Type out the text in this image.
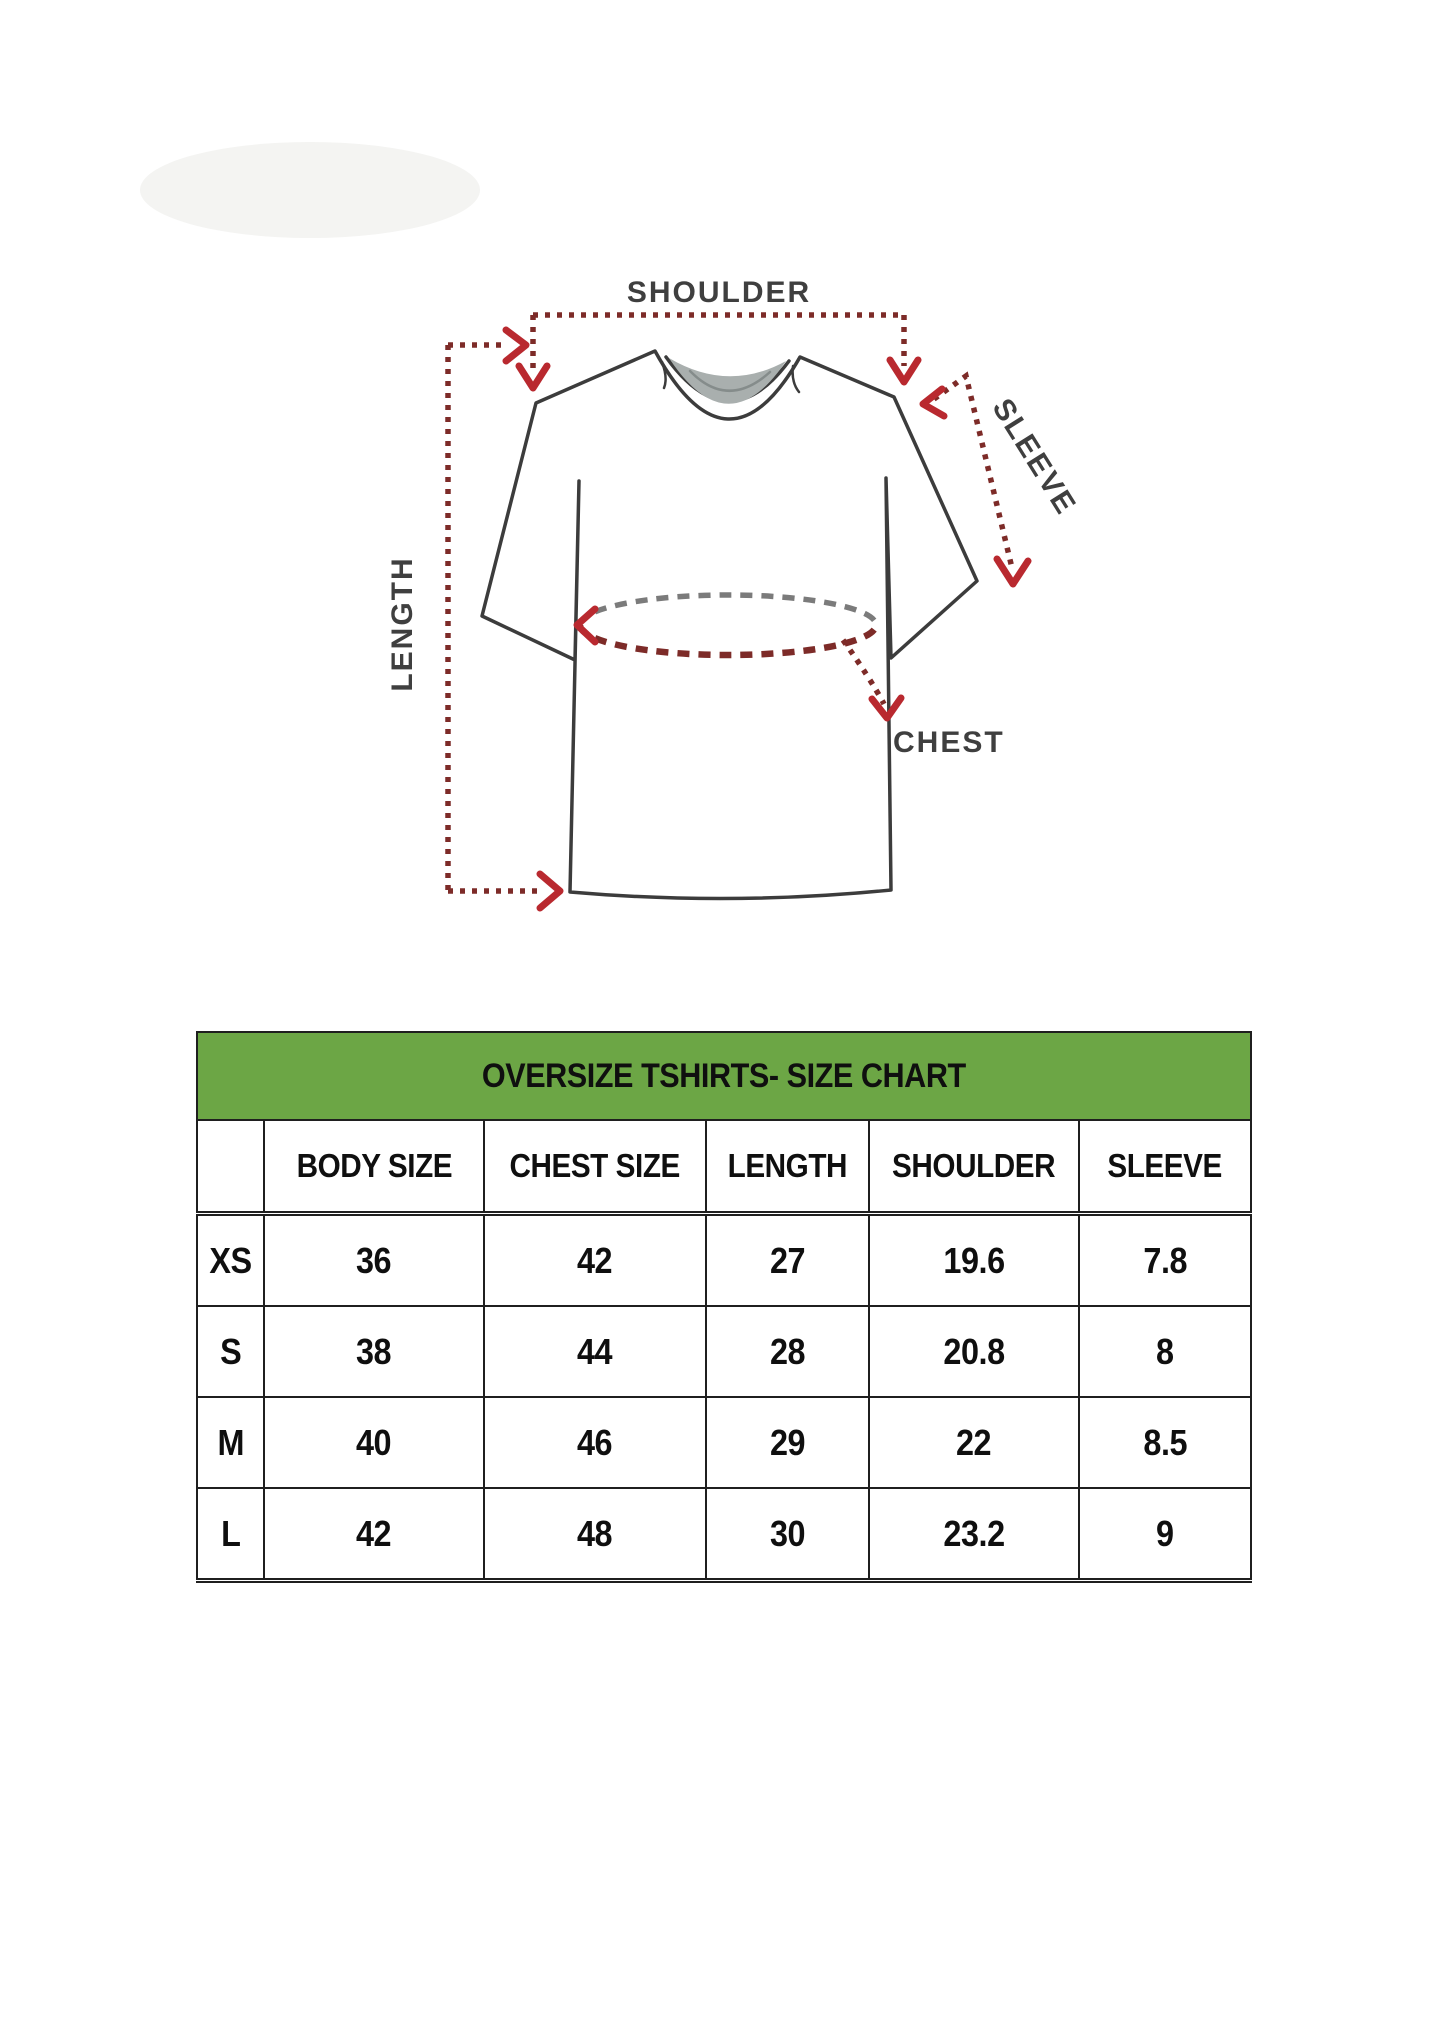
SHOULDER
LENGTH
SLEEVE
CHEST
OVERSIZE TSHIRTS- SIZE CHART					
	BODY SIZE	CHEST SIZE	LENGTH	SHOULDER	SLEEVE
XS	36	42	27	19.6	7.8
S	38	44	28	20.8	8
M	40	46	29	22	8.5
L	42	48	30	23.2	9
